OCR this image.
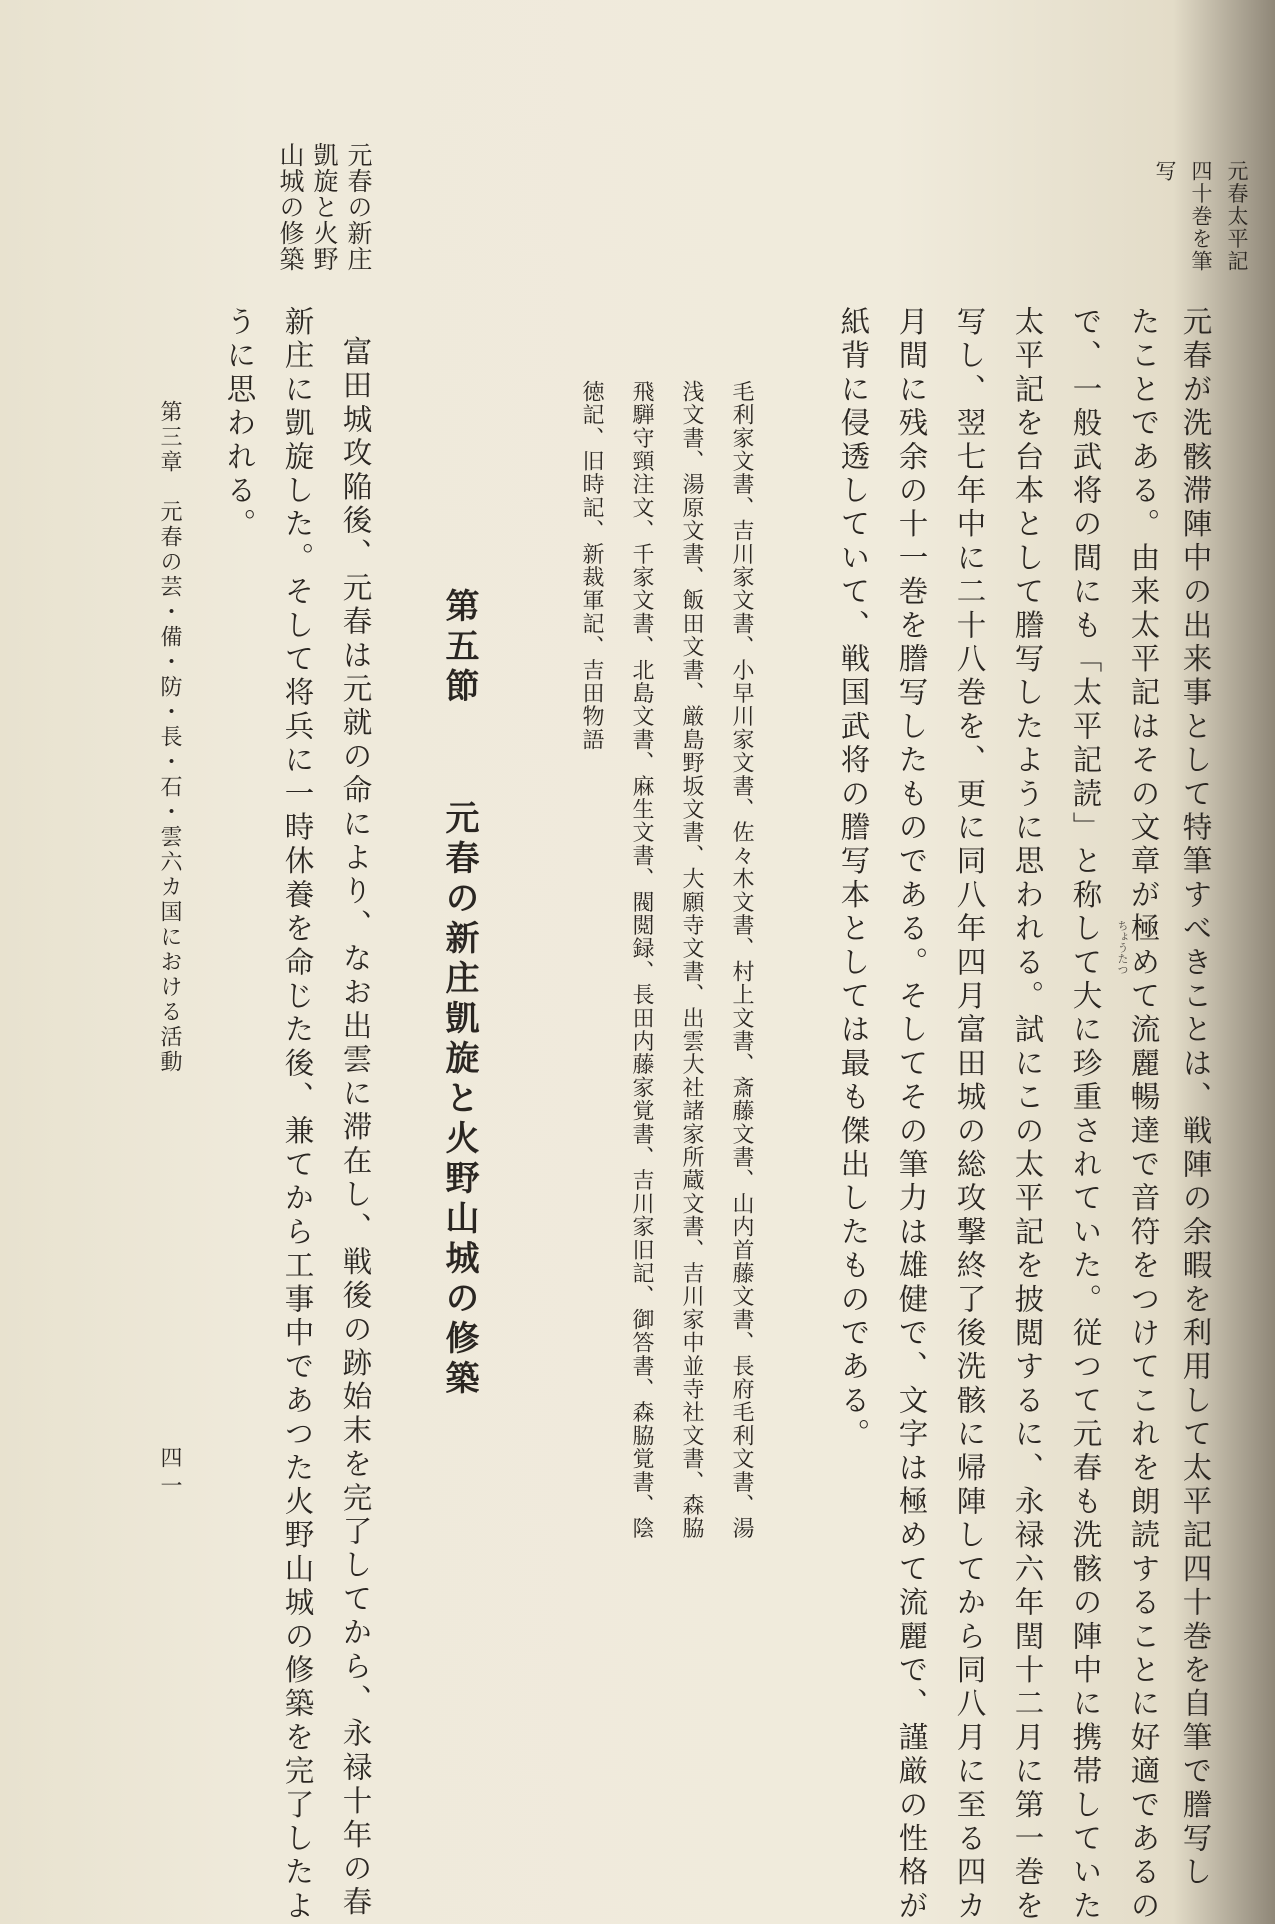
元春太平記
四十巻を筆
写
元春が洗骸滞陣中の出来事として特筆すべきことは、戦陣の余暇を利用して太平記四十巻を自筆で謄写し
たことである。由来太平記はその文章が極めて流麗暢達で音符をつけてこれを朗読することに好適であるの
で、一般武将の間にも「太平記読」と称して大に珍重されていた。従つて元春も洗骸の陣中に携帯していた
太平記を台本として謄写したように思われる。試にこの太平記を披閲するに、永禄六年閏十二月に第一巻を
写し、翌七年中に二十八巻を、更に同八年四月富田城の総攻撃終了後洗骸に帰陣してから同八月に至る四カ
月間に残余の十一巻を謄写したものである。そしてその筆力は雄健で、文字は極めて流麗で、謹厳の性格が
紙背に侵透していて、戦国武将の謄写本としては最も傑出したものである。	ちょうたつ
毛利家文書、吉川家文書、小早川家文書、佐々木文書、村上文書、斎藤文書、山内首藤文書、長府毛利文書、湯
浅文書、湯原文書、飯田文書、厳島野坂文書、大願寺文書、出雲大社諸家所蔵文書、吉川家中並寺社文書、森脇
飛騨守頸注文、千家文書、北島文書、麻生文書、閥閲録、長田内藤家覚書、吉川家旧記、御答書、森脇覚書、陰
徳記、旧時記、新裁軍記、吉田物語
第五節
元春の新庄凱旋と火野山城の修築
元春の新庄
凱旋と火野
山城の修築
富田城攻陥後、元春は元就の命により、なお出雲に滞在し、戦後の跡始末を完了してから、永禄十年の春
新庄に凱旋した。そして将兵に一時休養を命じた後、兼てから工事中であつた火野山城の修築を完了したよ
うに思われる。
第三章　元春の芸・備・防・長・石・雲六カ国における活動
四一
